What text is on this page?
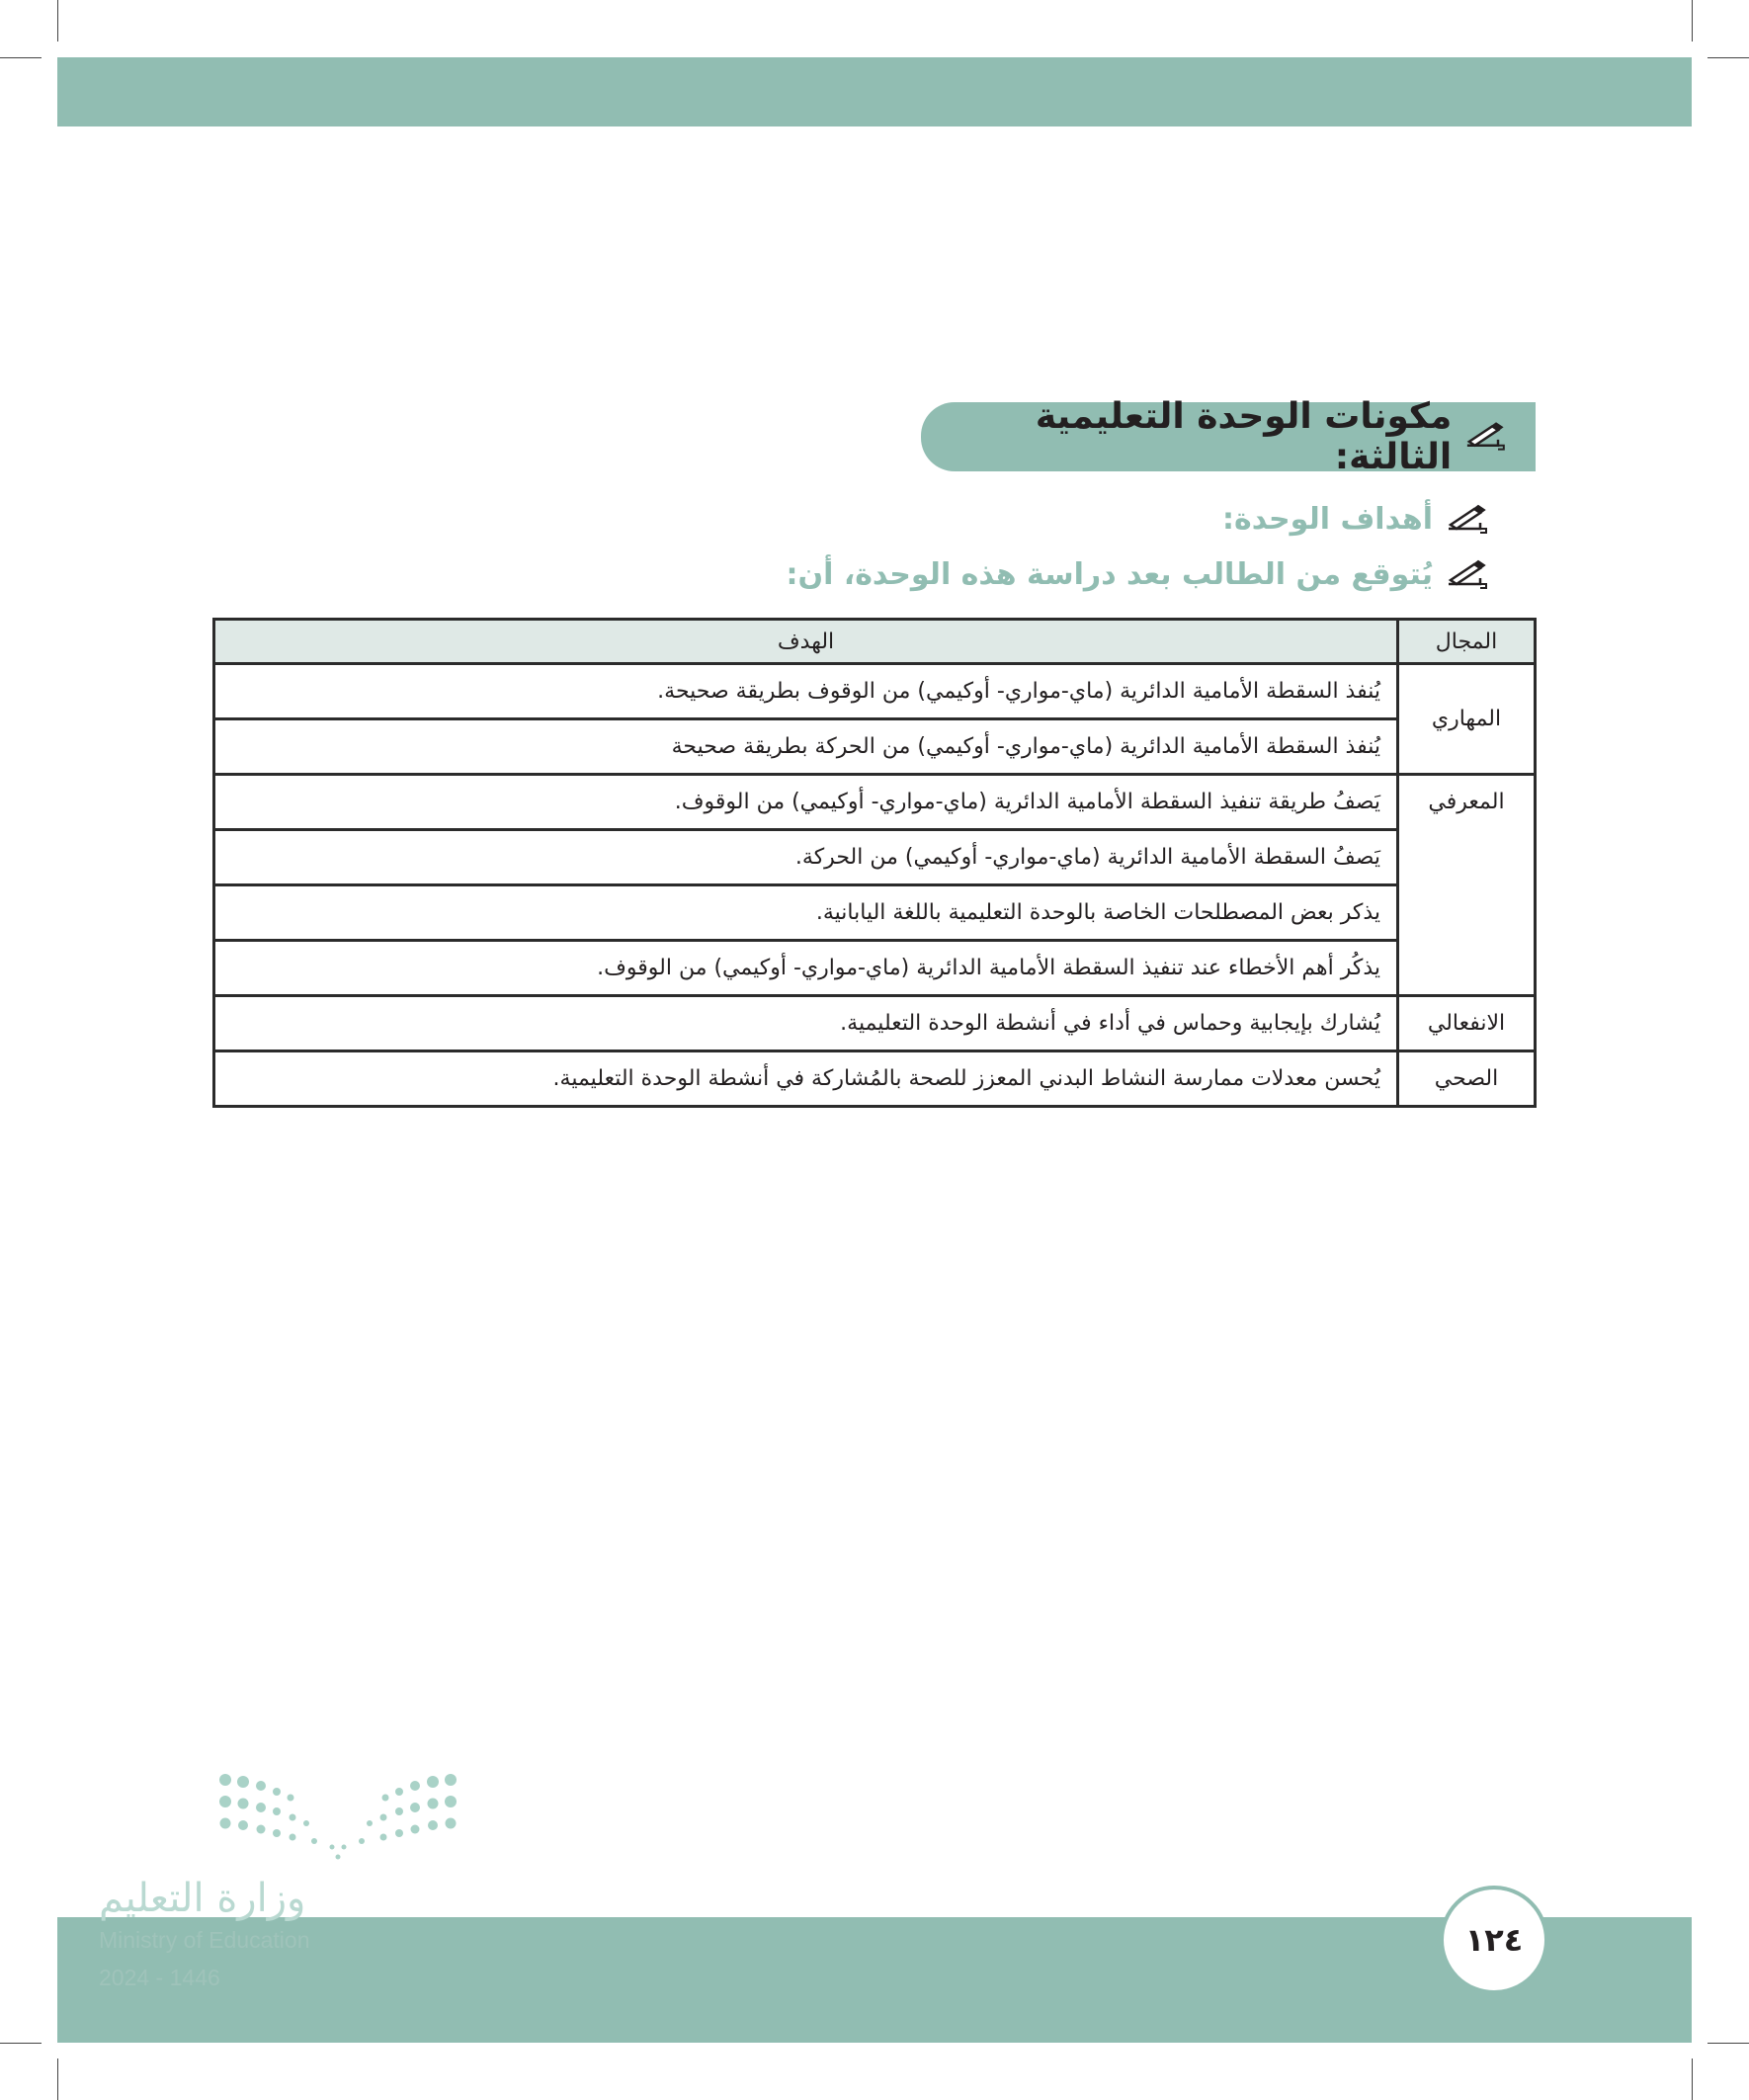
مكونات الوحدة التعليمية الثالثة:
أهداف الوحدة:
يُتوقع من الطالب بعد دراسة هذه الوحدة، أن:
المجال	الهدف
المهاري	يُنفذ السقطة الأمامية الدائرية (ماي-مواري- أوكيمي) من الوقوف بطريقة صحيحة.
	يُنفذ السقطة الأمامية الدائرية (ماي-مواري- أوكيمي) من الحركة بطريقة صحيحة
المعرفي	يَصفُ طريقة تنفيذ السقطة الأمامية الدائرية (ماي-مواري- أوكيمي) من الوقوف.
	يَصفُ السقطة الأمامية الدائرية (ماي-مواري- أوكيمي) من الحركة.
	يذكر بعض المصطلحات الخاصة بالوحدة التعليمية باللغة اليابانية.
	يذكُر أهم الأخطاء عند تنفيذ السقطة الأمامية الدائرية (ماي-مواري- أوكيمي) من الوقوف.
الانفعالي	يُشارك بإيجابية وحماس في أداء في أنشطة الوحدة التعليمية.
الصحي	يُحسن معدلات ممارسة النشاط البدني المعزز للصحة بالمُشاركة في أنشطة الوحدة التعليمية.
وزارة التعليم
Ministry of Education
2024 - 1446
١٢٤
